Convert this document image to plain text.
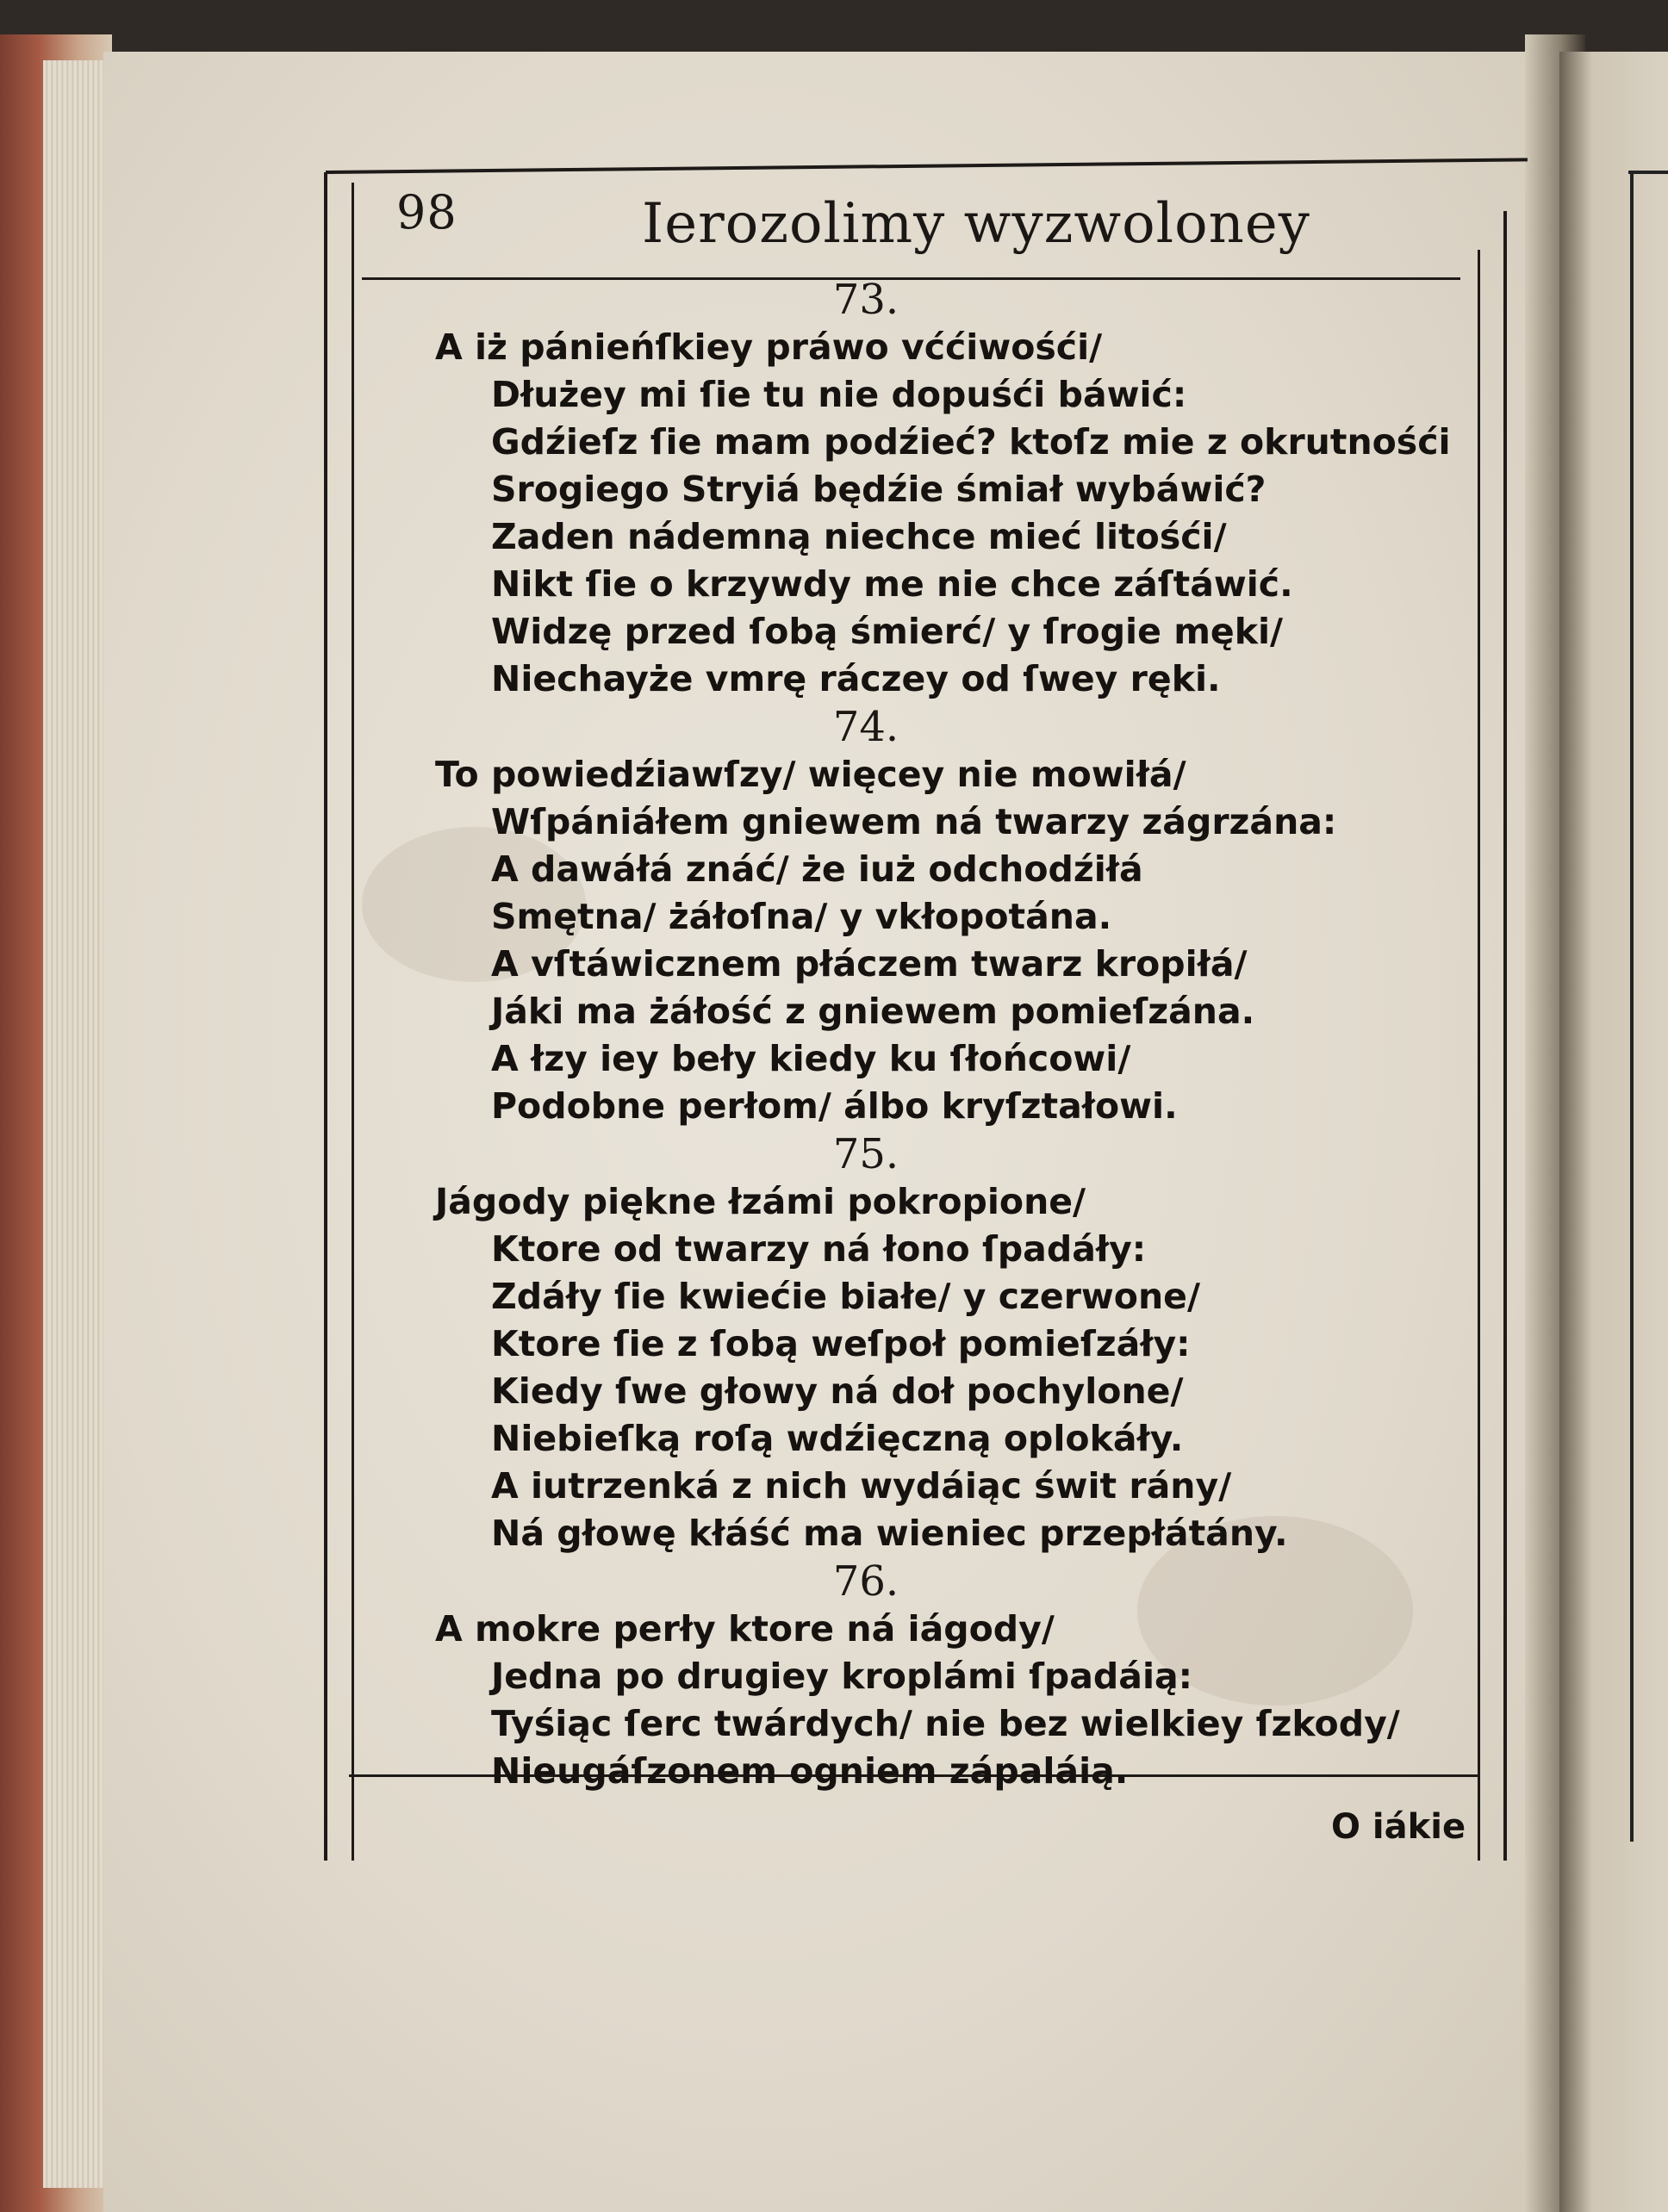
98	Ierozolimy wyzwoloney
73.
A iż pánieńſkiey práwo vććiwośći/
Dłużey mi ſie tu nie dopuśći báwić:
Gdźieſz ſie mam podźieć? ktoſz mie z okrutnośći
Srogiego Stryiá będźie śmiał wybáwić?
Zaden nádemną niechce mieć litośći/
Nikt ſie o krzywdy me nie chce záſtáwić.
Widzę przed ſobą śmierć/ y ſrogie męki/
Niechayże vmrę ráczey od ſwey ręki.
74.
To powiedźiawſzy/ więcey nie mowiłá/
Wſpániáłem gniewem ná twarzy zágrzána:
A dawáłá znáć/ że iuż odchodźiłá
Smętna/ żáłoſna/ y vkłopotána.
A vſtáwicznem płáczem twarz kropiłá/
Jáki ma żáłość z gniewem pomieſzána.
A łzy iey beły kiedy ku ſłońcowi/
Podobne perłom/ álbo kryſztałowi.
75.
Jágody piękne łzámi pokropione/
Ktore od twarzy ná łono ſpadáły:
Zdáły ſie kwiećie białe/ y czerwone/
Ktore ſie z ſobą weſpoł pomieſzáły:
Kiedy ſwe głowy ná doł pochylone/
Niebieſką roſą wdźięczną oplokáły.
A iutrzenká z nich wydáiąc świt rány/
Ná głowę kłáść ma wieniec przepłátány.
76.
A mokre perły ktore ná iágody/
Jedna po drugiey kroplámi ſpadáią:
Tyśiąc ſerc twárdych/ nie bez wielkiey ſzkody/
Nieugáſzonem ogniem zápaláią.
O iákie
